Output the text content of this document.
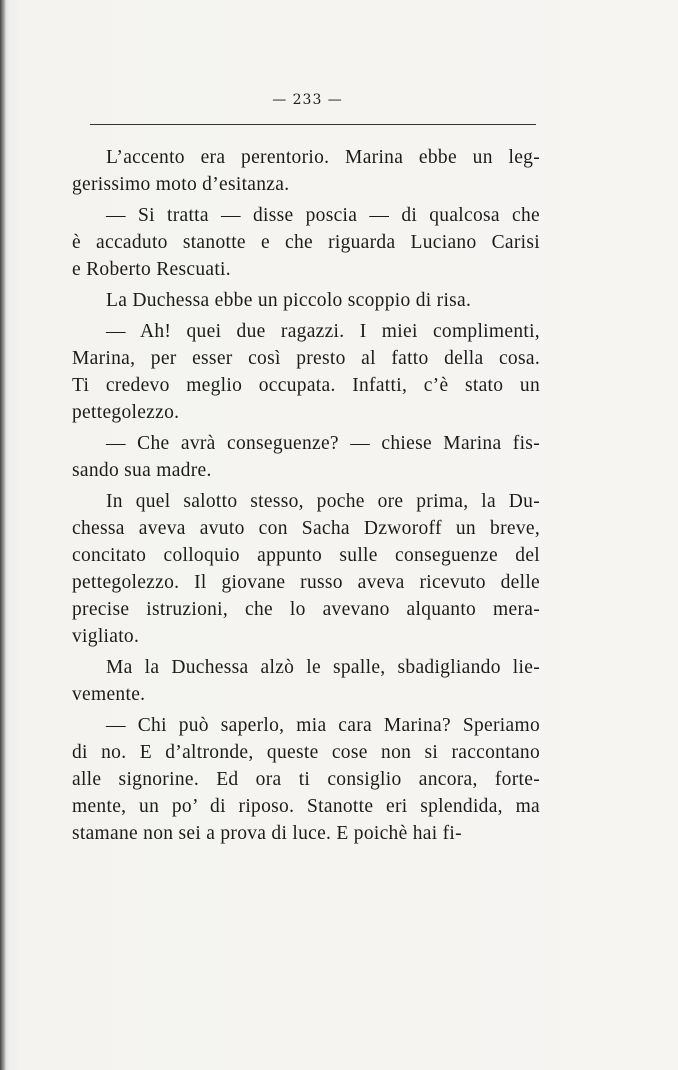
— 233 —
L’accento era perentorio. Marina ebbe un leg-
gerissimo moto d’esitanza.
— Si tratta — disse poscia — di qualcosa che
è accaduto stanotte e che riguarda Luciano Carisi
e Roberto Rescuati.
La Duchessa ebbe un piccolo scoppio di risa.
— Ah! quei due ragazzi. I miei complimenti,
Marina, per esser così presto al fatto della cosa.
Ti credevo meglio occupata. Infatti, c’è stato un
pettegolezzo.
— Che avrà conseguenze? — chiese Marina fis-
sando sua madre.
In quel salotto stesso, poche ore prima, la Du-
chessa aveva avuto con Sacha Dzworoff un breve,
concitato colloquio appunto sulle conseguenze del
pettegolezzo. Il giovane russo aveva ricevuto delle
precise istruzioni, che lo avevano alquanto mera-
vigliato.
Ma la Duchessa alzò le spalle, sbadigliando lie-
vemente.
— Chi può saperlo, mia cara Marina? Speriamo
di no. E d’altronde, queste cose non si raccontano
alle signorine. Ed ora ti consiglio ancora, forte-
mente, un po’ di riposo. Stanotte eri splendida, ma
stamane non sei a prova di luce. E poichè hai fi-
